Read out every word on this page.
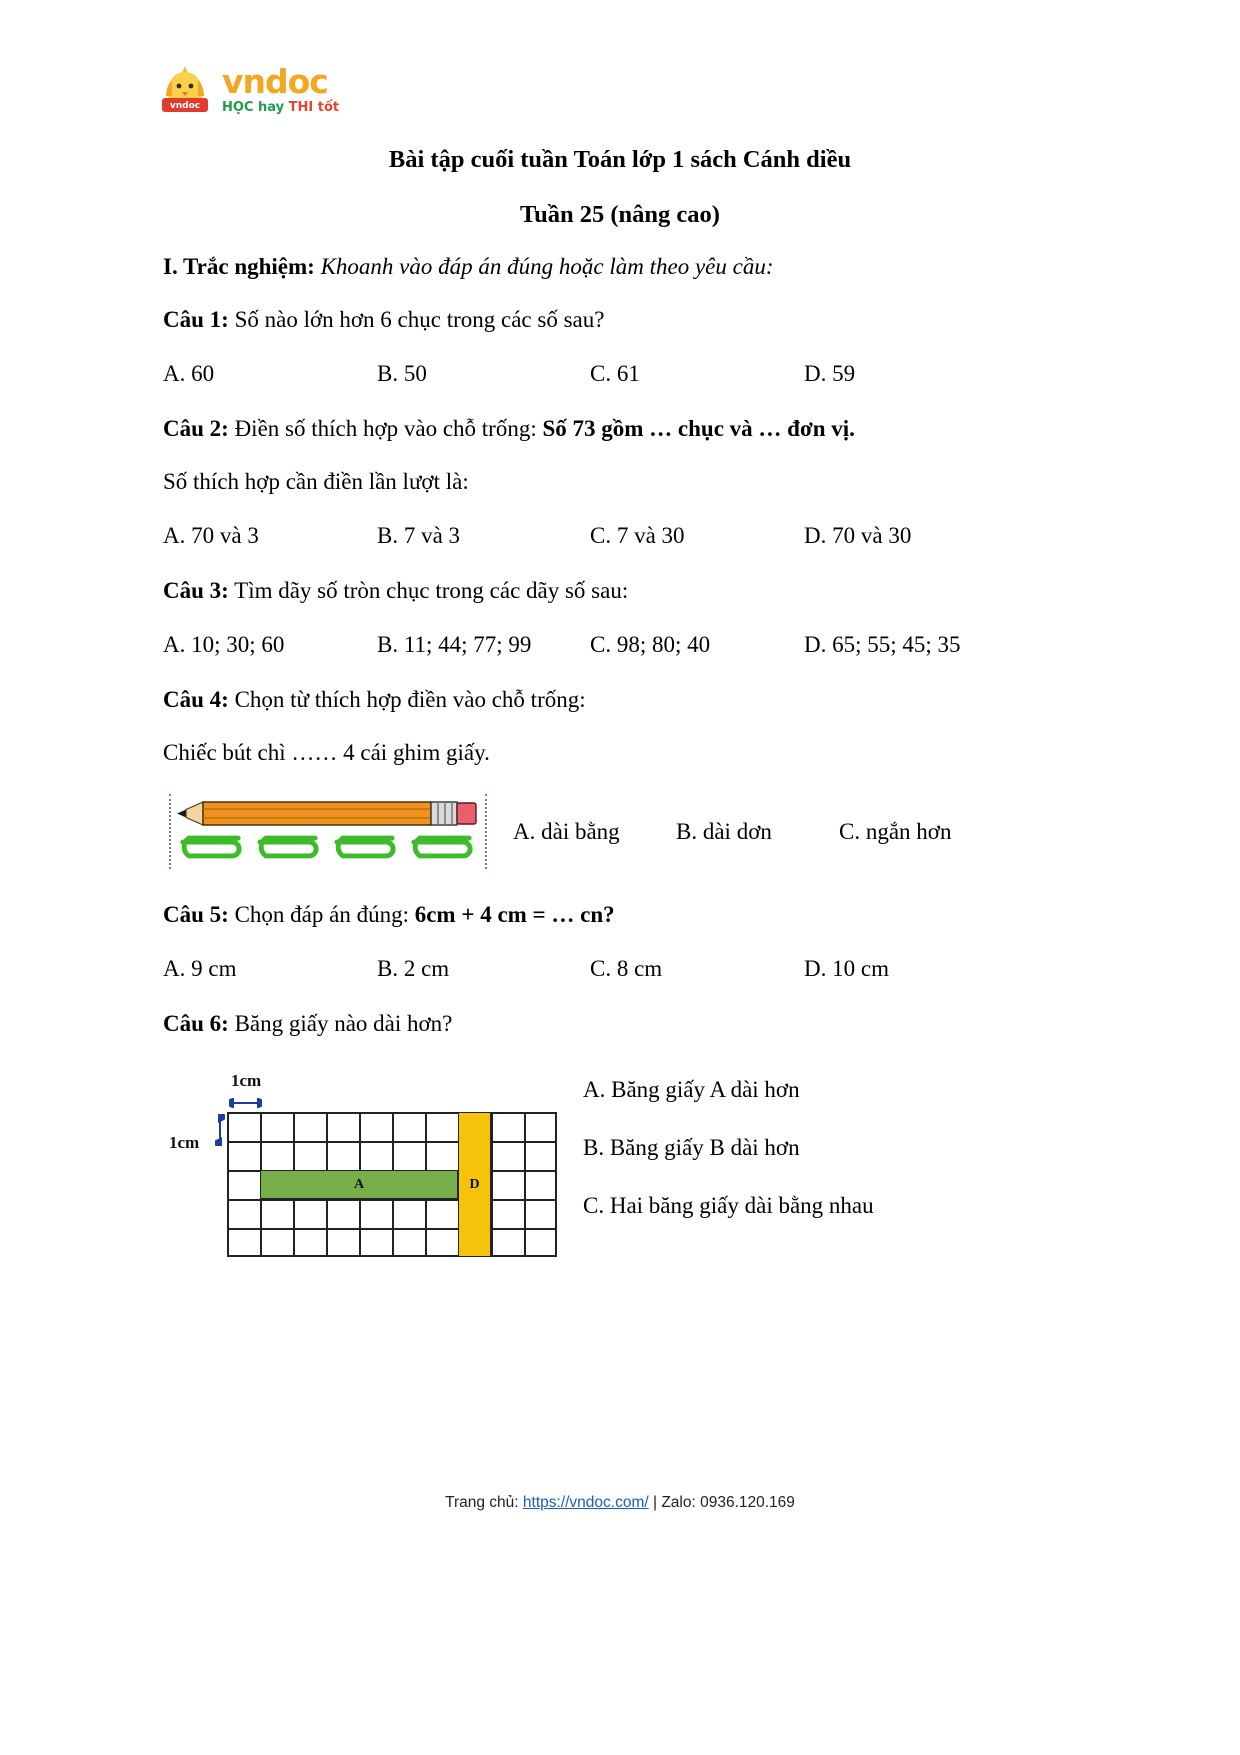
vndoc
vndoc
HỌC hay THI tốt
Bài tập cuối tuần Toán lớp 1 sách Cánh diều
Tuần 25 (nâng cao)
I. Trắc nghiệm: Khoanh vào đáp án đúng hoặc làm theo yêu cầu:
Câu 1: Số nào lớn hơn 6 chục trong các số sau?
A. 60	B. 50	C. 61	D. 59
Câu 2: Điền số thích hợp vào chỗ trống: Số 73 gồm … chục và … đơn vị.
Số thích hợp cần điền lần lượt là:
A. 70 và 3	B. 7 và 3	C. 7 và 30	D. 70 và 30
Câu 3: Tìm dãy số tròn chục trong các dãy số sau:
A. 10; 30; 60	B. 11; 44; 77; 99	C. 98; 80; 40	D. 65; 55; 45; 35
Câu 4: Chọn từ thích hợp điền vào chỗ trống:
Chiếc bút chì …… 4 cái ghim giấy.
A. dài bằng	B. dài dơn	C. ngắn hơn
Câu 5: Chọn đáp án đúng: 6cm + 4 cm = … cn?
A. 9 cm	B. 2 cm	C. 8 cm	D. 10 cm
Câu 6: Băng giấy nào dài hơn?
1cm
1cm
A	D
A. Băng giấy A dài hơn
B. Băng giấy B dài hơn
C. Hai băng giấy dài bằng nhau
Trang chủ: https://vndoc.com/ | Zalo: 0936.120.169
